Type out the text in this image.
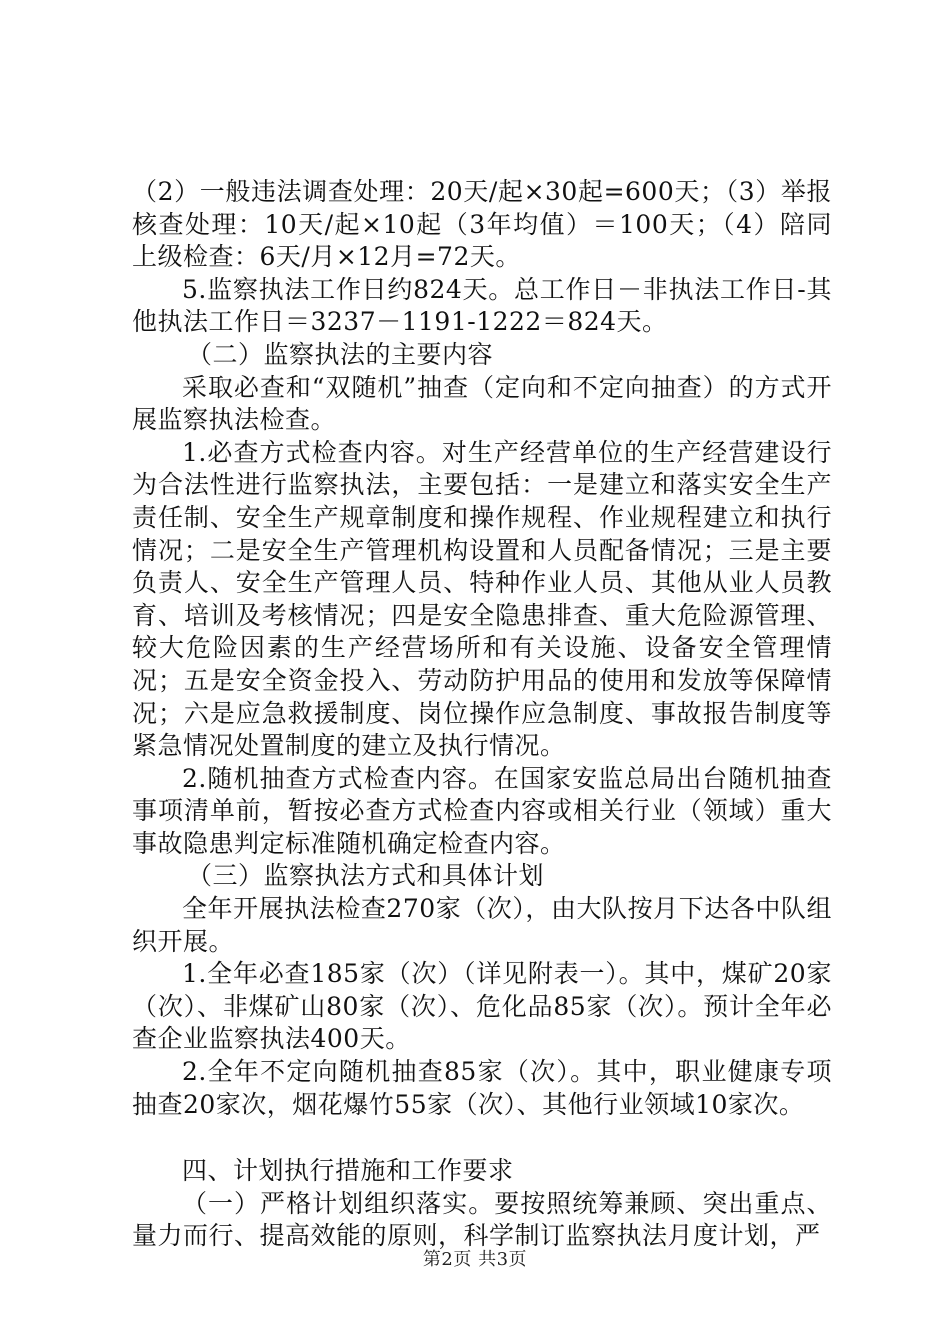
（2）一般违法调查处理：20天/起×30起=600天；（3）举报核查处理：10天/起×10起（3年均值）＝100天；（4）陪同上级检查：6天/月×12月=72天。

5.监察执法工作日约824天。总工作日－非执法工作日-其他执法工作日＝3237－1191-1222＝824天。

（二）监察执法的主要内容

采取必查和“双随机”抽查（定向和不定向抽查）的方式开展监察执法检查。

1.必查方式检查内容。对生产经营单位的生产经营建设行为合法性进行监察执法，主要包括：一是建立和落实安全生产责任制、安全生产规章制度和操作规程、作业规程建立和执行情况；二是安全生产管理机构设置和人员配备情况；三是主要负责人、安全生产管理人员、特种作业人员、其他从业人员教育、培训及考核情况；四是安全隐患排查、重大危险源管理、较大危险因素的生产经营场所和有关设施、设备安全管理情况；五是安全资金投入、劳动防护用品的使用和发放等保障情况；六是应急救援制度、岗位操作应急制度、事故报告制度等紧急情况处置制度的建立及执行情况。

2.随机抽查方式检查内容。在国家安监总局出台随机抽查事项清单前，暂按必查方式检查内容或相关行业（领域）重大事故隐患判定标准随机确定检查内容。

（三）监察执法方式和具体计划

全年开展执法检查270家（次），由大队按月下达各中队组织开展。

1.全年必查185家（次）（详见附表一）。其中，煤矿20家（次）、非煤矿山80家（次）、危化品85家（次）。预计全年必查企业监察执法400天。

2.全年不定向随机抽查85家（次）。其中，职业健康专项抽查20家次，烟花爆竹55家（次）、其他行业领域10家次。

四、计划执行措施和工作要求

（一）严格计划组织落实。要按照统筹兼顾、突出重点、量力而行、提高效能的原则，科学制订监察执法月度计划，严

第2页 共3页
